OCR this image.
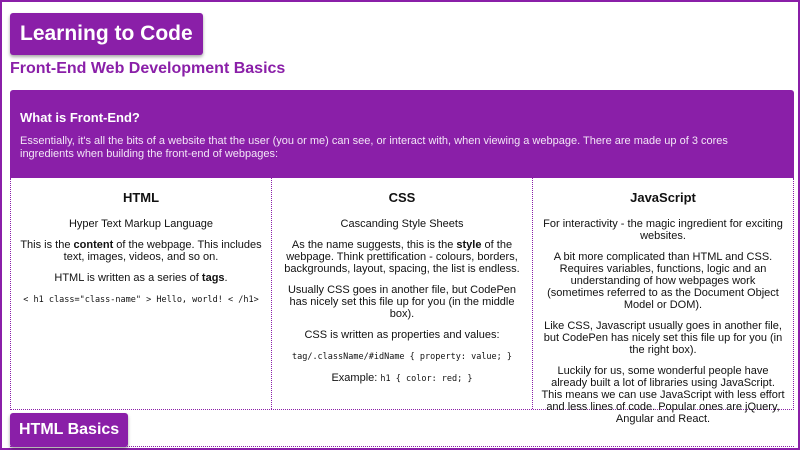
Learning to Code
Front-End Web Development Basics
What is Front-End?

Essentially, it's all the bits of a website that the user (you or me) can see, or interact with, when viewing a webpage. There are made up of 3 cores ingredients when building the front-end of webpages:

HTML

Hyper Text Markup Language

This is the content of the webpage. This includes text, images, videos, and so on.

HTML is written as a series of tags.

< h1 class="class-name" > Hello, world! < /h1>

CSS

Cascanding Style Sheets

As the name suggests, this is the style of the webpage. Think prettification - colours, borders, backgrounds, layout, spacing, the list is endless.

Usually CSS goes in another file, but CodePen has nicely set this file up for you (in the middle box).

CSS is written as properties and values:

tag/.className/#idName { property: value; }

Example: h1 { color: red; }

JavaScript

For interactivity - the magic ingredient for exciting websites.

A bit more complicated than HTML and CSS. Requires variables, functions, logic and an understanding of how webpages work (sometimes referred to as the Document Object Model or DOM).

Like CSS, Javascript usually goes in another file, but CodePen has nicely set this file up for you (in the right box).

Luckily for us, some wonderful people have already built a lot of libraries using JavaScript. This means we can use JavaScript with less effort and less lines of code. Popular ones are jQuery, Angular and React.

HTML Basics
